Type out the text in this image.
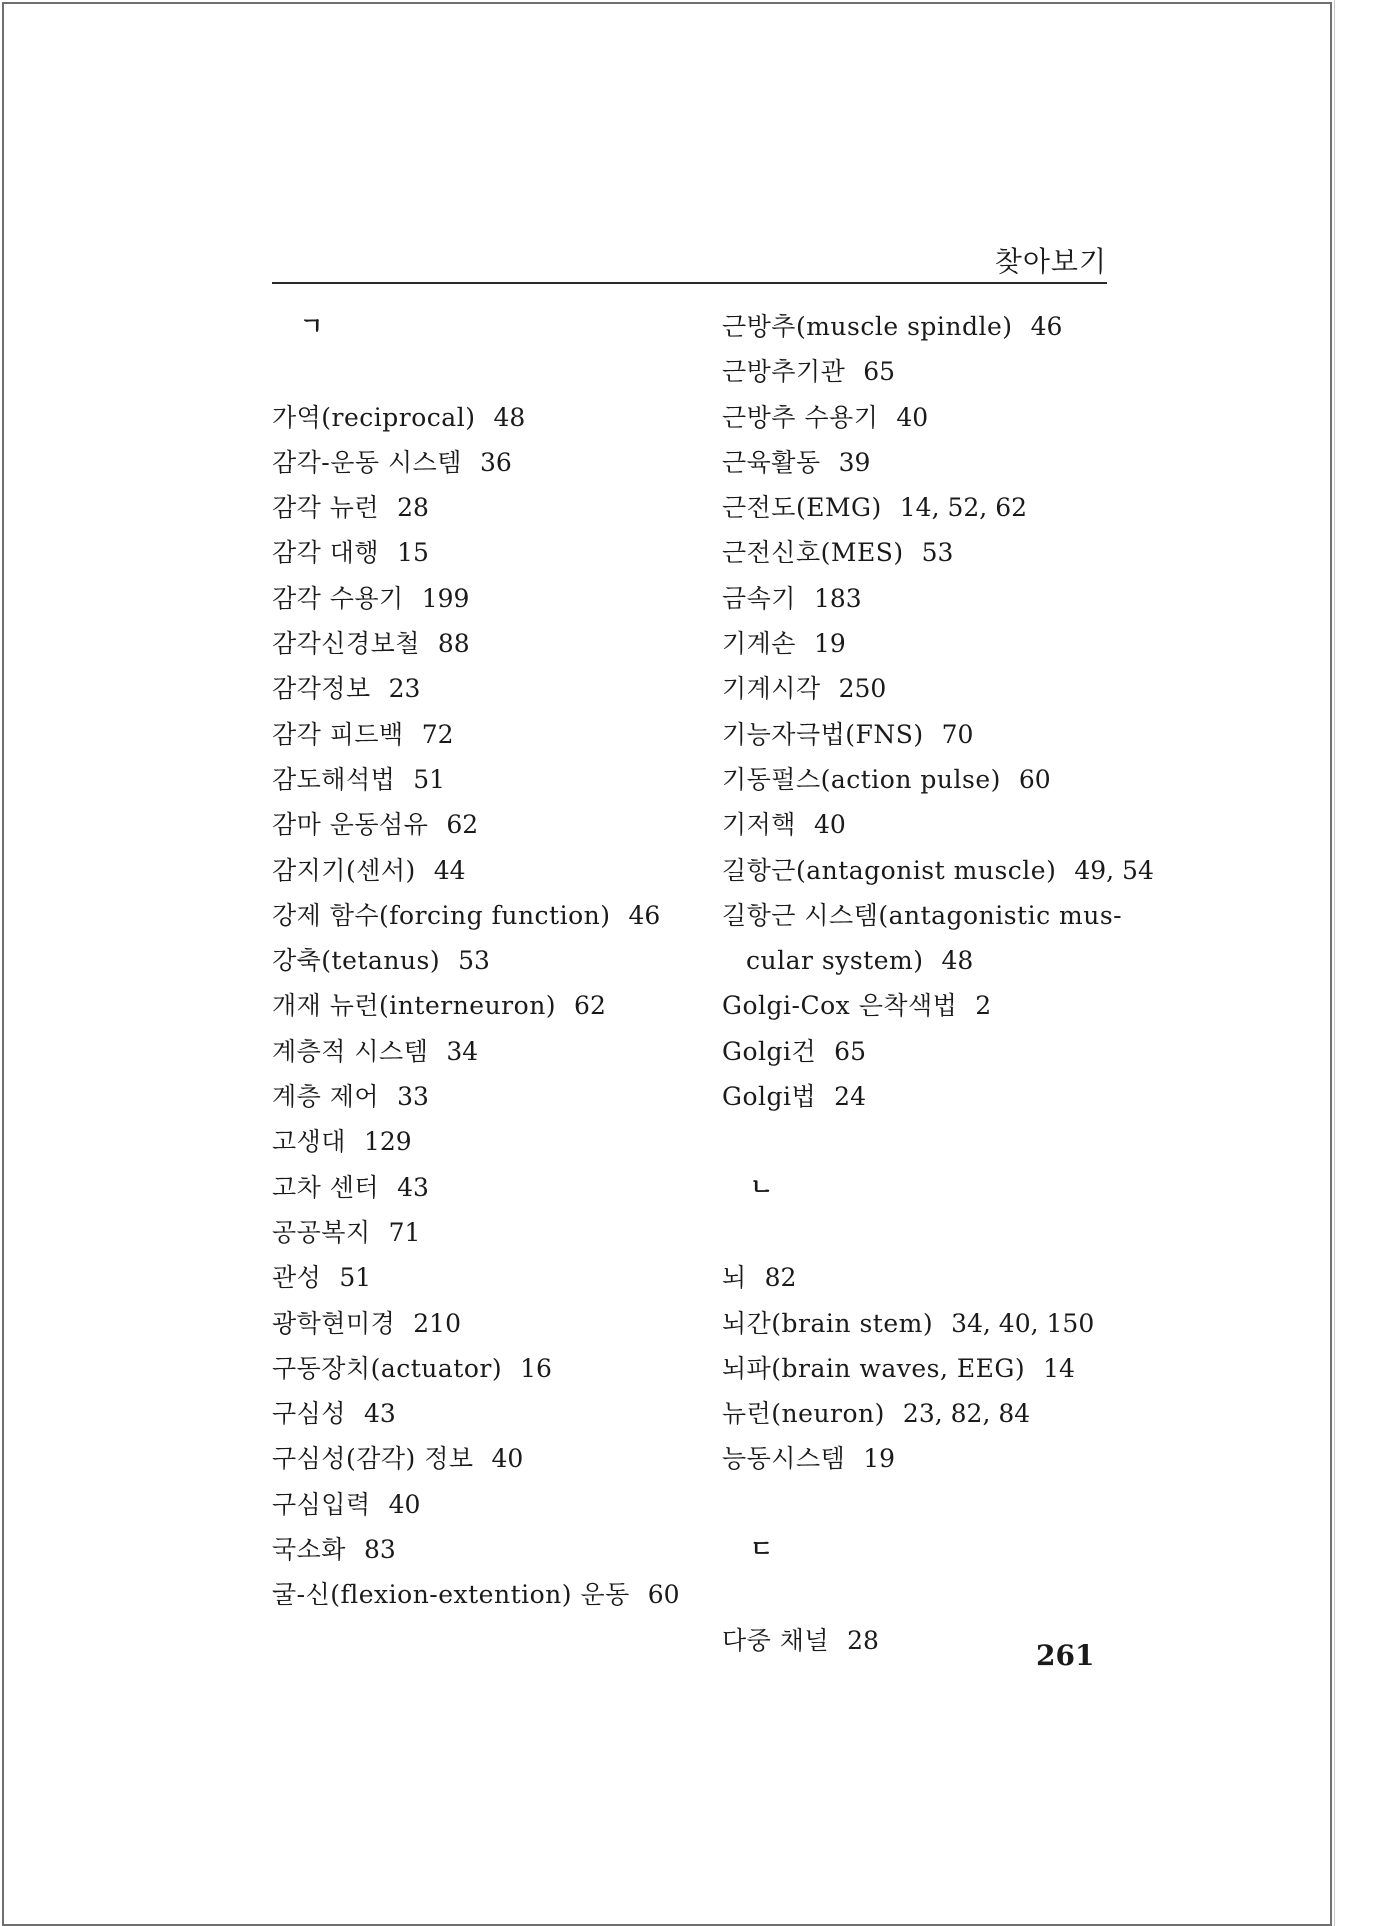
찾아보기
ㄱ
가역(reciprocal) 48
감각-운동 시스템 36
감각 뉴런 28
감각 대행 15
감각 수용기 199
감각신경보철 88
감각정보 23
감각 피드백 72
감도해석법 51
감마 운동섬유 62
감지기(센서) 44
강제 함수(forcing function) 46
강축(tetanus) 53
개재 뉴런(interneuron) 62
계층적 시스템 34
계층 제어 33
고생대 129
고차 센터 43
공공복지 71
관성 51
광학현미경 210
구동장치(actuator) 16
구심성 43
구심성(감각) 정보 40
구심입력 40
국소화 83
굴-신(flexion-extention) 운동 60
근방추(muscle spindle) 46
근방추기관 65
근방추 수용기 40
근육활동 39
근전도(EMG) 14, 52, 62
근전신호(MES) 53
금속기 183
기계손 19
기계시각 250
기능자극법(FNS) 70
기동펄스(action pulse) 60
기저핵 40
길항근(antagonist muscle) 49, 54
길항근 시스템(antagonistic mus-
cular system) 48
Golgi-Cox 은착색법 2
Golgi건 65
Golgi법 24
ㄴ
뇌 82
뇌간(brain stem) 34, 40, 150
뇌파(brain waves, EEG) 14
뉴런(neuron) 23, 82, 84
능동시스템 19
ㄷ
다중 채널 28	261
